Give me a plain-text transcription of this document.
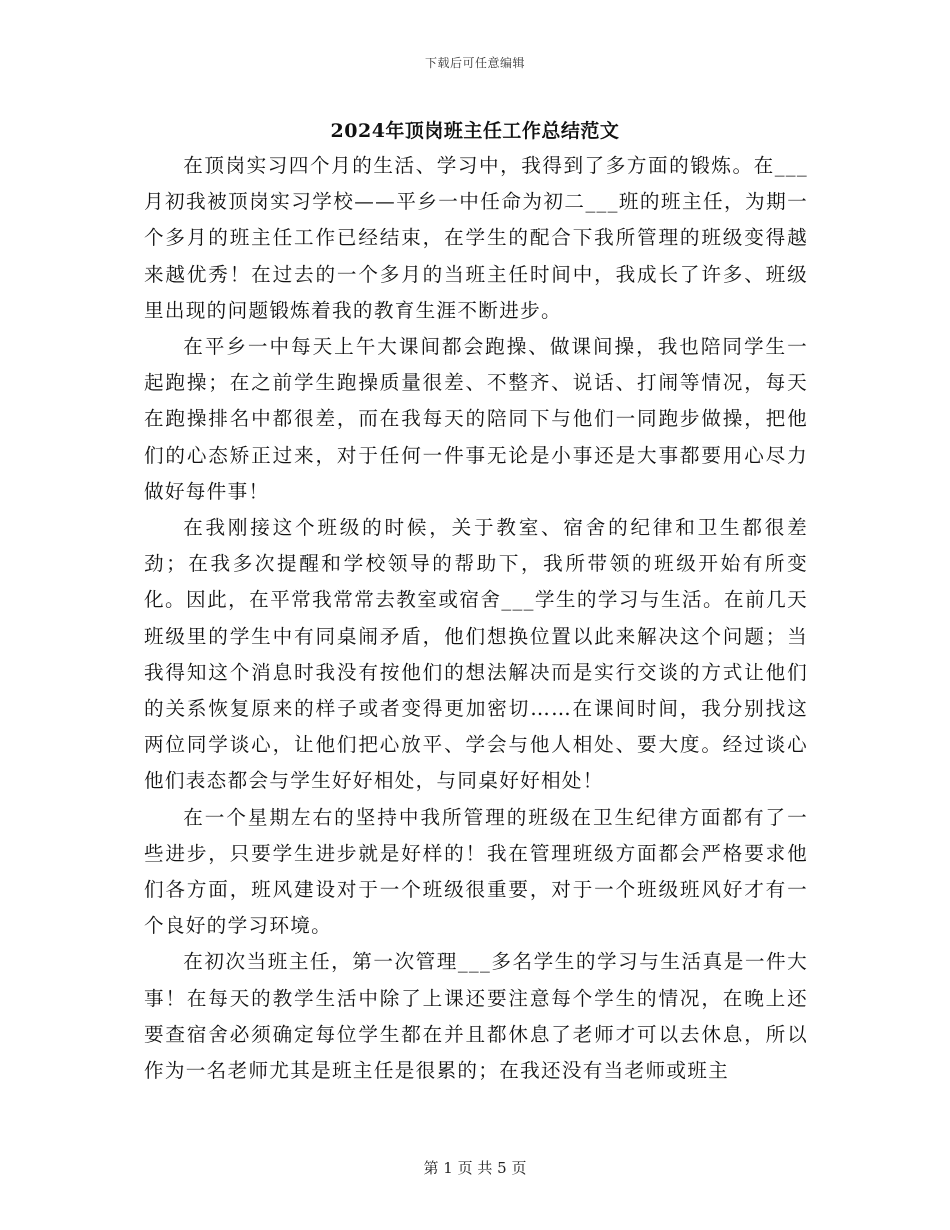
下载后可任意编辑
2024年顶岗班主任工作总结范文

在顶岗实习四个月的生活、学习中，我得到了多方面的锻炼。在___月初我被顶岗实习学校——平乡一中任命为初二___班的班主任，为期一个多月的班主任工作已经结束，在学生的配合下我所管理的班级变得越来越优秀！在过去的一个多月的当班主任时间中，我成长了许多、班级里出现的问题锻炼着我的教育生涯不断进步。

在平乡一中每天上午大课间都会跑操、做课间操，我也陪同学生一起跑操；在之前学生跑操质量很差、不整齐、说话、打闹等情况，每天在跑操排名中都很差，而在我每天的陪同下与他们一同跑步做操，把他们的心态矫正过来，对于任何一件事无论是小事还是大事都要用心尽力做好每件事！

在我刚接这个班级的时候，关于教室、宿舍的纪律和卫生都很差劲；在我多次提醒和学校领导的帮助下，我所带领的班级开始有所变化。因此，在平常我常常去教室或宿舍___学生的学习与生活。在前几天班级里的学生中有同桌闹矛盾，他们想换位置以此来解决这个问题；当我得知这个消息时我没有按他们的想法解决而是实行交谈的方式让他们的关系恢复原来的样子或者变得更加密切……在课间时间，我分别找这两位同学谈心，让他们把心放平、学会与他人相处、要大度。经过谈心他们表态都会与学生好好相处，与同桌好好相处！

在一个星期左右的坚持中我所管理的班级在卫生纪律方面都有了一些进步，只要学生进步就是好样的！我在管理班级方面都会严格要求他们各方面，班风建设对于一个班级很重要，对于一个班级班风好才有一个良好的学习环境。

在初次当班主任，第一次管理___多名学生的学习与生活真是一件大事！在每天的教学生活中除了上课还要注意每个学生的情况，在晚上还要查宿舍必须确定每位学生都在并且都休息了老师才可以去休息，所以作为一名老师尤其是班主任是很累的；在我还没有当老师或班主

第 1 页 共 5 页
